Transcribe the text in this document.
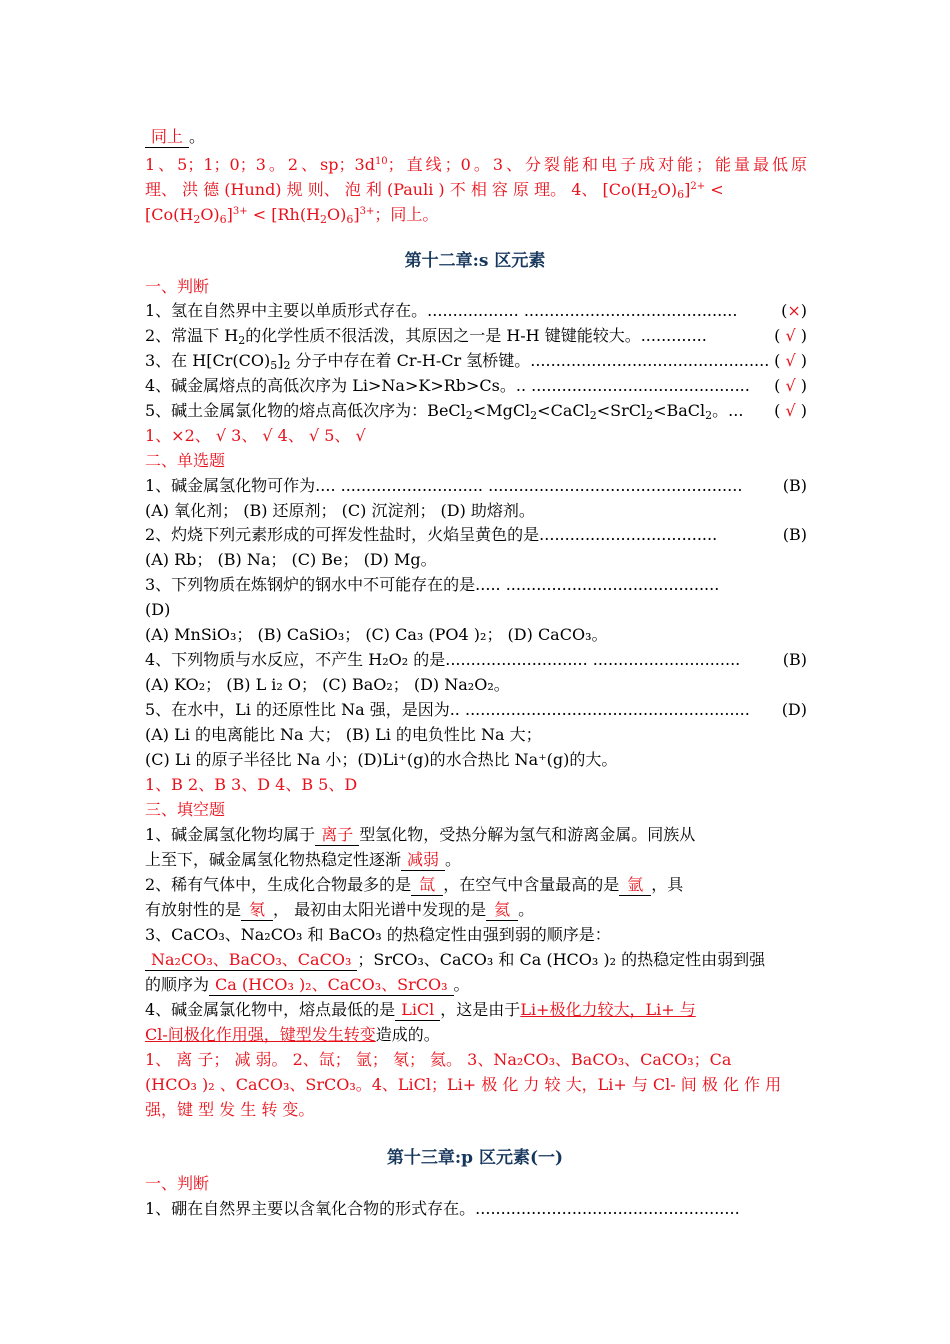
同上 。
1、5；1；0；3。2、sp；$3d^{10}$；直线；0。3、分裂能和电子成对能；能量最低原
理、 洪 德 (Hund) 规 则、 泡 利 (Pauli ) 不 相 容 原 理。 4、 $[Co(H_2O)_6]^{2+}$ <
$[Co(H_2O)_6]^{3+} < [Rh(H_2O)_6]^{3+}$；同上。
第十二章:s 区元素
一、判断
1、氢在自然界中主要以单质形式存在。.................. ..........................................	(×)
2、常温下 $H_2$的化学性质不很活泼，其原因之一是 H-H 键键能较大。.............	( √ )
3、在 $H[Cr(CO)_5]_2$ 分子中存在着 Cr-H-Cr 氢桥键。............................................... ( √ )
4、碱金属熔点的高低次序为 Li>Na>K>Rb>Cs。.. ........................................... ( √ )
5、碱土金属氯化物的熔点高低次序为：BeCl$_2$<MgCl$_2$<CaCl$_2$<SrCl$_2$<BaCl$_2$。... ( √ )
1、×2、 √ 3、 √ 4、 √ 5、 √
二、单选题
1、碱金属氢化物可作为.... ............................ ..................................................	(B)
(A) 氧化剂； (B) 还原剂； (C) 沉淀剂； (D) 助熔剂。
2、灼烧下列元素形成的可挥发性盐时，火焰呈黄色的是...................................	(B)
(A) Rb； (B) Na； (C) Be； (D) Mg。
3、下列物质在炼钢炉的钢水中不可能存在的是..... ..........................................
(D)
(A) MnSiO₃； (B) CaSiO₃； (C) Ca₃ (PO4 )₂； (D) CaCO₃。
4、下列物质与水反应，不产生 H₂O₂ 的是............................ .............................	(B)
(A) KO₂； (B) L i₂ O； (C) BaO₂； (D) Na₂O₂。
5、在水中，Li 的还原性比 Na 强，是因为.. ........................................................ (D)
(A) Li 的电离能比 Na 大； (B) Li 的电负性比 Na 大；
(C) Li 的原子半径比 Na 小；(D)Li⁺(g)的水合热比 Na⁺(g)的大。
1、B 2、B 3、D 4、B 5、D
三、填空题
1、碱金属氢化物均属于 离子 型氢化物，受热分解为氢气和游离金属。同族从
上至下，碱金属氢化物热稳定性逐渐 减弱 。
2、稀有气体中，生成化合物最多的是 氙 ，在空气中含量最高的是 氩 ，具
有放射性的是 氡 ， 最初由太阳光谱中发现的是 氦 。
3、CaCO₃、Na₂CO₃ 和 BaCO₃ 的热稳定性由强到弱的顺序是：
Na₂CO₃、BaCO₃、CaCO₃ ；SrCO₃、CaCO₃ 和 Ca (HCO₃ )₂ 的热稳定性由弱到强
的顺序为 Ca (HCO₃ )₂、CaCO₃、SrCO₃ 。
4、碱金属氯化物中，熔点最低的是 LiCl ，这是由于Li+极化力较大，Li+ 与
Cl-间极化作用强，键型发生转变造成的。
1、 离 子； 减 弱。 2、氙； 氩； 氡； 氦。 3、Na₂CO₃、BaCO₃、CaCO₃；Ca
(HCO₃ )₂ 、CaCO₃、SrCO₃。4、LiCl；Li+ 极 化 力 较 大，Li+ 与 Cl- 间 极 化 作 用
强，键 型 发 生 转 变。
第十三章:p 区元素(一)
一、判断
1、硼在自然界主要以含氧化合物的形式存在。....................................................
